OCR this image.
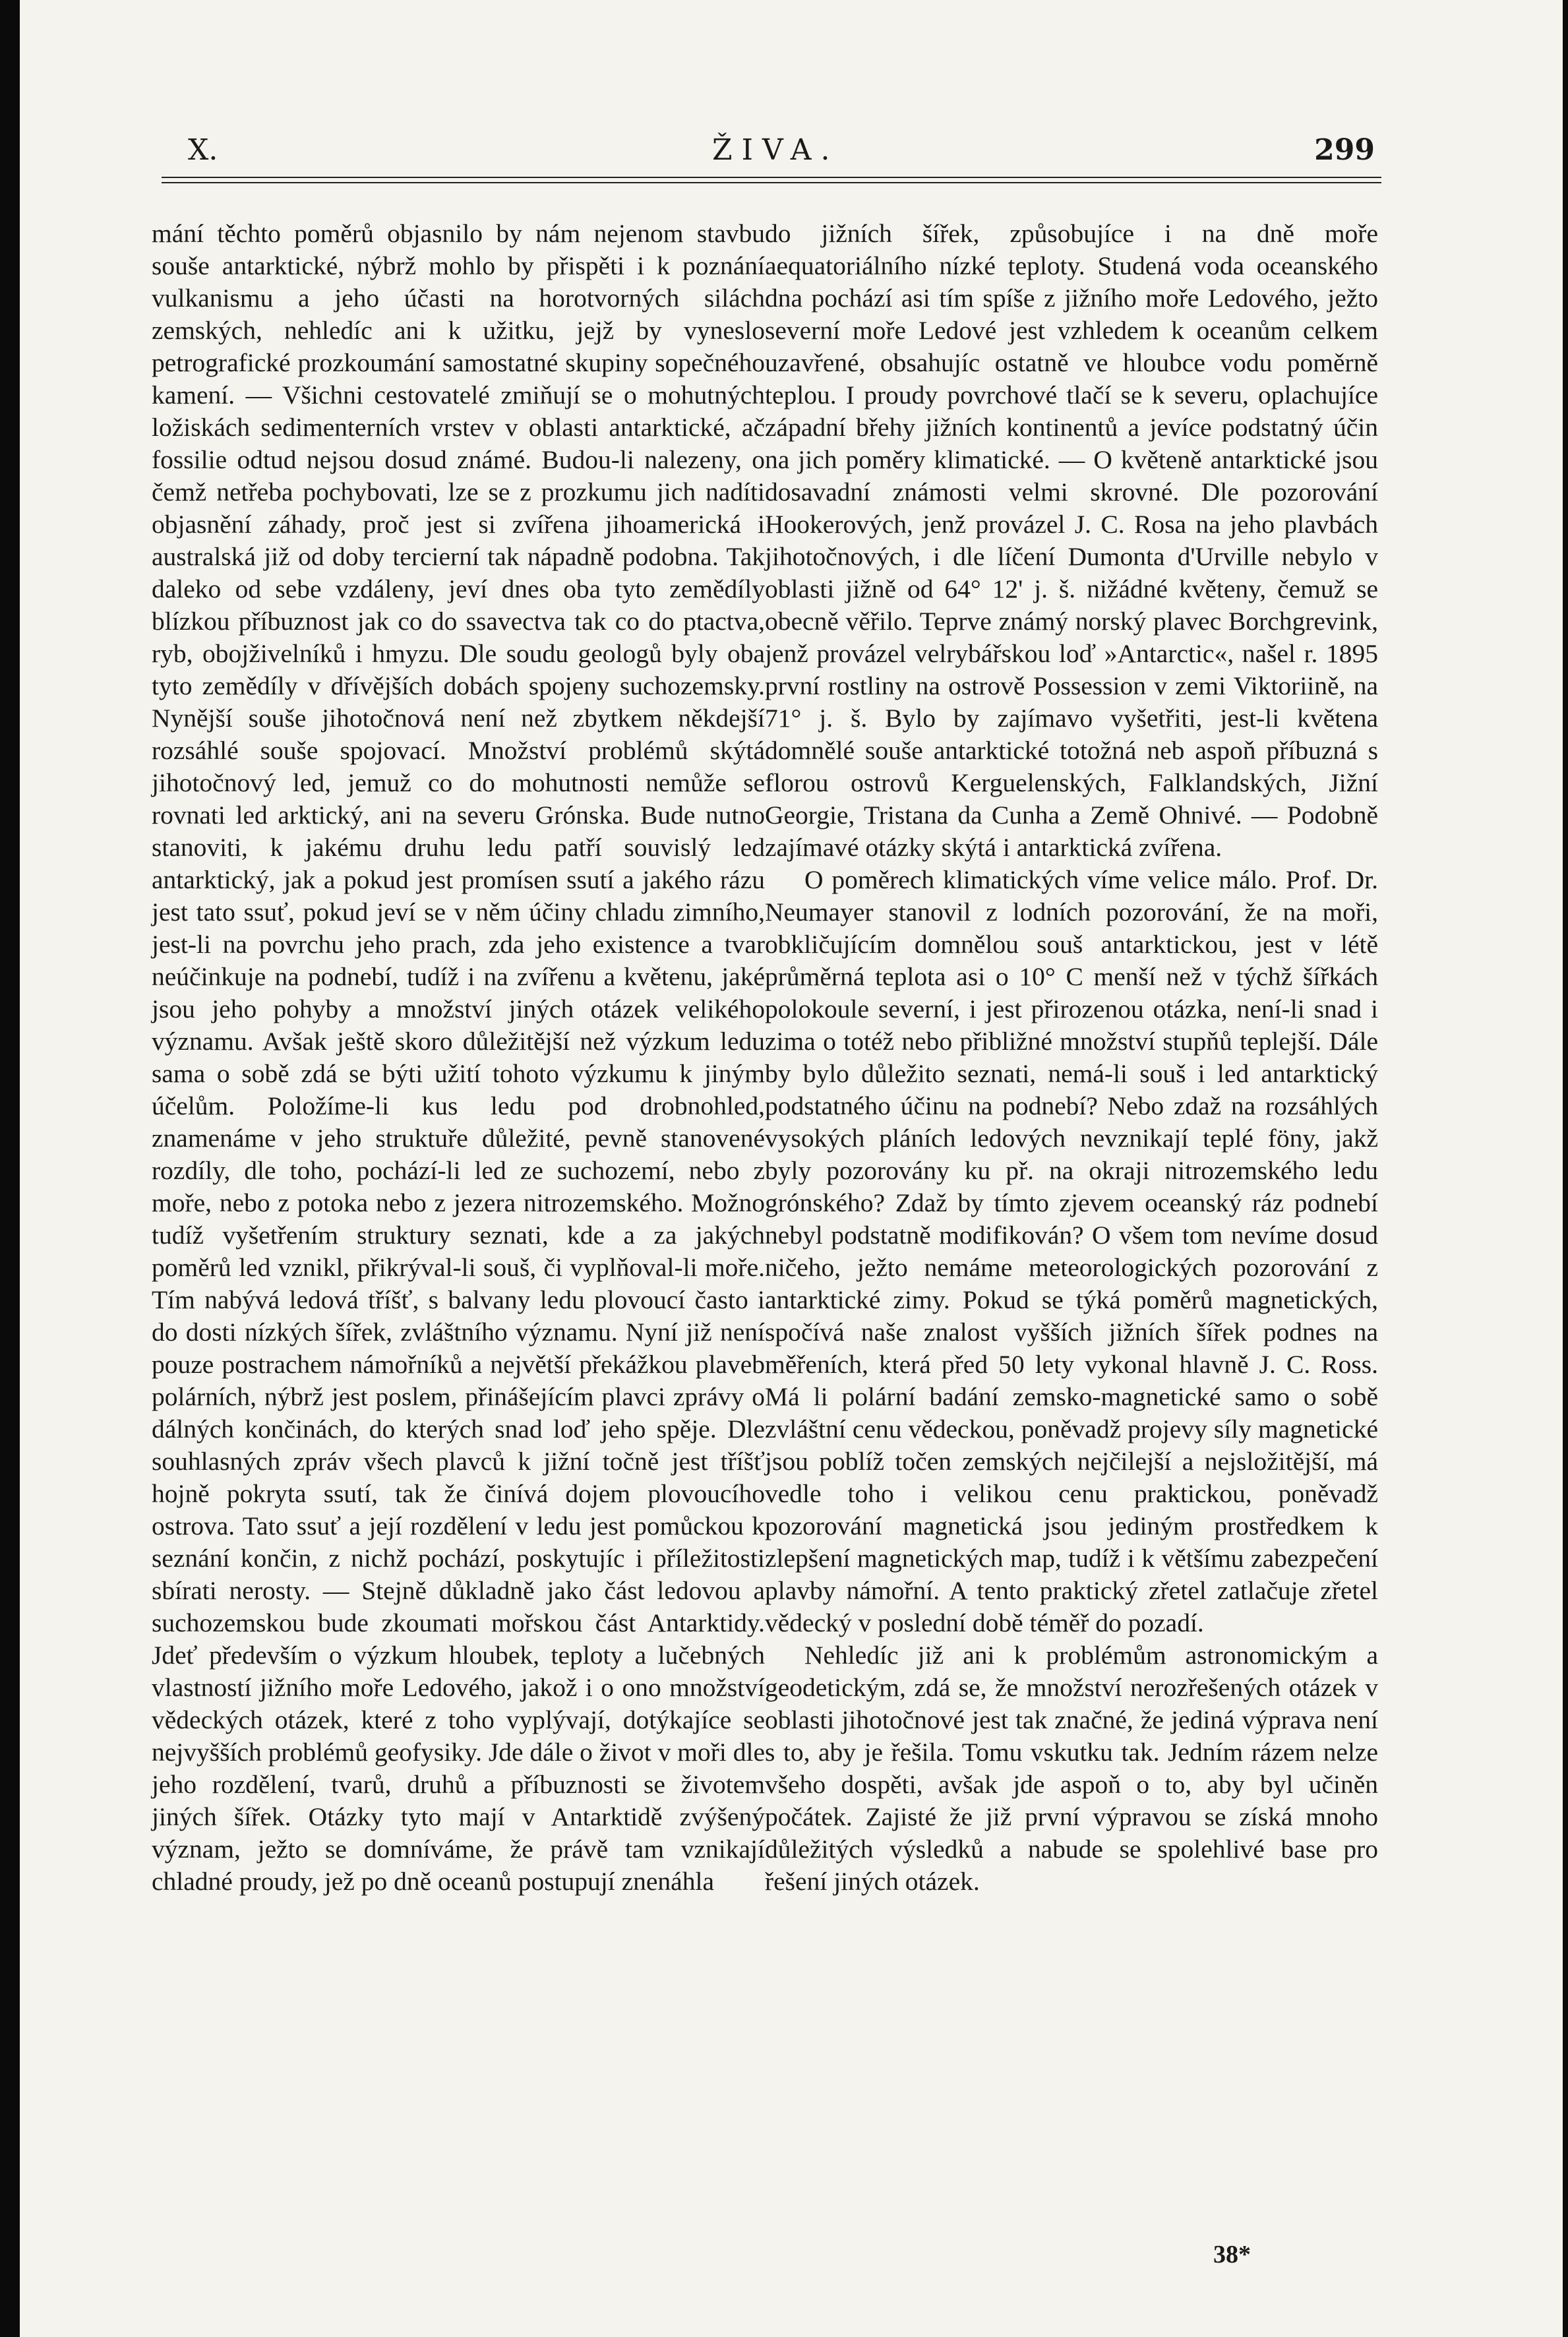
X.	ŽIVA.	299

mání těchto poměrů objasnilo by nám nejenom stavbu souše antarktické, nýbrž mohlo by přispěti i k poznání vulkanismu a jeho účasti na horotvorných silách zemských, nehledíc ani k užitku, jejž by vyneslo petrografické prozkoumání samostatné skupiny sopečného kamení. — Všichni cestovatelé zmiňují se o mohutných ložiskách sedimenterních vrstev v oblasti antarktické, ač fossilie odtud nejsou dosud známé. Budou-li nalezeny, o čemž netřeba pochybovati, lze se z prozkumu jich nadíti objasnění záhady, proč jest si zvířena jihoamerická i australská již od doby tercierní tak nápadně podobna. Tak daleko od sebe vzdáleny, jeví dnes oba tyto zemědíly blízkou příbuznost jak co do ssavectva tak co do ptactva, ryb, obojživelníků i hmyzu. Dle soudu geologů byly oba tyto zemědíly v dřívějších dobách spojeny suchozemsky. Nynější souše jihotočnová není než zbytkem někdejší rozsáhlé souše spojovací. Množství problémů skýtá jihotočnový led, jemuž co do mohutnosti nemůže se rovnati led arktický, ani na severu Grónska. Bude nutno stanoviti, k jakému druhu ledu patří souvislý led antarktický, jak a pokud jest promísen ssutí a jakého rázu jest tato ssuť, pokud jeví se v něm účiny chladu zimního, jest-li na povrchu jeho prach, zda jeho existence a tvar neúčinkuje na podnebí, tudíž i na zvířenu a květenu, jaké jsou jeho pohyby a množství jiných otázek velikého významu. Avšak ještě skoro důležitější než výzkum ledu sama o sobě zdá se býti užití tohoto výzkumu k jiným účelům. Položíme-li kus ledu pod drobnohled, znamenáme v jeho struktuře důležité, pevně stanovené rozdíly, dle toho, pochází-li led ze suchozemí, nebo z moře, nebo z potoka nebo z jezera nitrozemského. Možno tudíž vyšetřením struktury seznati, kde a za jakých poměrů led vznikl, přikrýval-li souš, či vyplňoval-li moře. Tím nabývá ledová tříšť, s balvany ledu plovoucí často i do dosti nízkých šířek, zvláštního významu. Nyní již není pouze postrachem námořníků a největší překážkou plaveb polárních, nýbrž jest poslem, přinášejícím plavci zprávy o dálných končinách, do kterých snad loď jeho spěje. Dle souhlasných zpráv všech plavců k jižní točně jest tříšť hojně pokryta ssutí, tak že činívá dojem plovoucího ostrova. Tato ssuť a její rozdělení v ledu jest pomůckou k seznání končin, z nichž pochází, poskytujíc i příležitosti sbírati nerosty. — Stejně důkladně jako část ledovou a suchozemskou bude zkoumati mořskou část Antarktidy. Jdeť především o výzkum hloubek, teploty a lučebných vlastností jižního moře Ledového, jakož i o ono množství vědeckých otázek, které z toho vyplývají, dotýkajíce se nejvyšších problémů geofysiky. Jde dále o život v moři dle jeho rozdělení, tvarů, druhů a příbuznosti se životem jiných šířek. Otázky tyto mají v Antarktidě zvýšený význam, ježto se domníváme, že právě tam vznikají chladné proudy, jež po dně oceanů postupují znenáhla

do jižních šířek, způsobujíce i na dně moře aequatoriálního nízké teploty. Studená voda oceanského dna pochází asi tím spíše z jižního moře Ledového, ježto severní moře Ledové jest vzhledem k oceanům celkem uzavřené, obsahujíc ostatně ve hloubce vodu poměrně teplou. I proudy povrchové tlačí se k severu, oplachujíce západní břehy jižních kontinentů a jevíce podstatný účin na jich poměry klimatické. — O květeně antarktické jsou dosavadní známosti velmi skrovné. Dle pozorování Hookerových, jenž provázel J. C. Rosa na jeho plavbách jihotočnových, i dle líčení Dumonta d'Urville nebylo v oblasti jižně od 64° 12' j. š. nižádné květeny, čemuž se obecně věřilo. Teprve známý norský plavec Borchgrevink, jenž provázel velrybářskou loď »Antarctic«, našel r. 1895 první rostliny na ostrově Possession v zemi Viktoriině, na 71° j. š. Bylo by zajímavo vyšetřiti, jest-li květena domnělé souše antarktické totožná neb aspoň příbuzná s florou ostrovů Kerguelenských, Falklandských, Jižní Georgie, Tristana da Cunha a Země Ohnivé. — Podobně zajímavé otázky skýtá i antarktická zvířena.

O poměrech klimatických víme velice málo. Prof. Dr. Neumayer stanovil z lodních pozorování, že na moři, obkličujícím domnělou souš antarktickou, jest v létě průměrná teplota asi o 10° C menší než v týchž šířkách polokoule severní, i jest přirozenou otázka, není-li snad i zima o totéž nebo přibližné množství stupňů teplejší. Dále by bylo důležito seznati, nemá-li souš i led antarktický podstatného účinu na podnebí? Nebo zdaž na rozsáhlých vysokých pláních ledových nevznikají teplé föny, jakž byly pozorovány ku př. na okraji nitrozemského ledu grónského? Zdaž by tímto zjevem oceanský ráz podnebí nebyl podstatně modifikován? O všem tom nevíme dosud ničeho, ježto nemáme meteorologických pozorování z antarktické zimy. Pokud se týká poměrů magnetických, spočívá naše znalost vyšších jižních šířek podnes na měřeních, která před 50 lety vykonal hlavně J. C. Ross. Má li polární badání zemsko-magnetické samo o sobě zvláštní cenu vědeckou, poněvadž projevy síly magnetické jsou poblíž točen zemských nejčilejší a nejsložitější, má vedle toho i velikou cenu praktickou, poněvadž pozorování magnetická jsou jediným prostředkem k zlepšení magnetických map, tudíž i k většímu zabezpečení plavby námořní. A tento praktický zřetel zatlačuje zřetel vědecký v poslední době téměř do pozadí.

Nehledíc již ani k problémům astronomickým a geodetickým, zdá se, že množství nerozřešených otázek v oblasti jihotočnové jest tak značné, že jediná výprava není s to, aby je řešila. Tomu vskutku tak. Jedním rázem nelze všeho dospěti, avšak jde aspoň o to, aby byl učiněn počátek. Zajisté že již první výpravou se získá mnoho důležitých výsledků a nabude se spolehlivé base pro řešení jiných otázek.

38*
